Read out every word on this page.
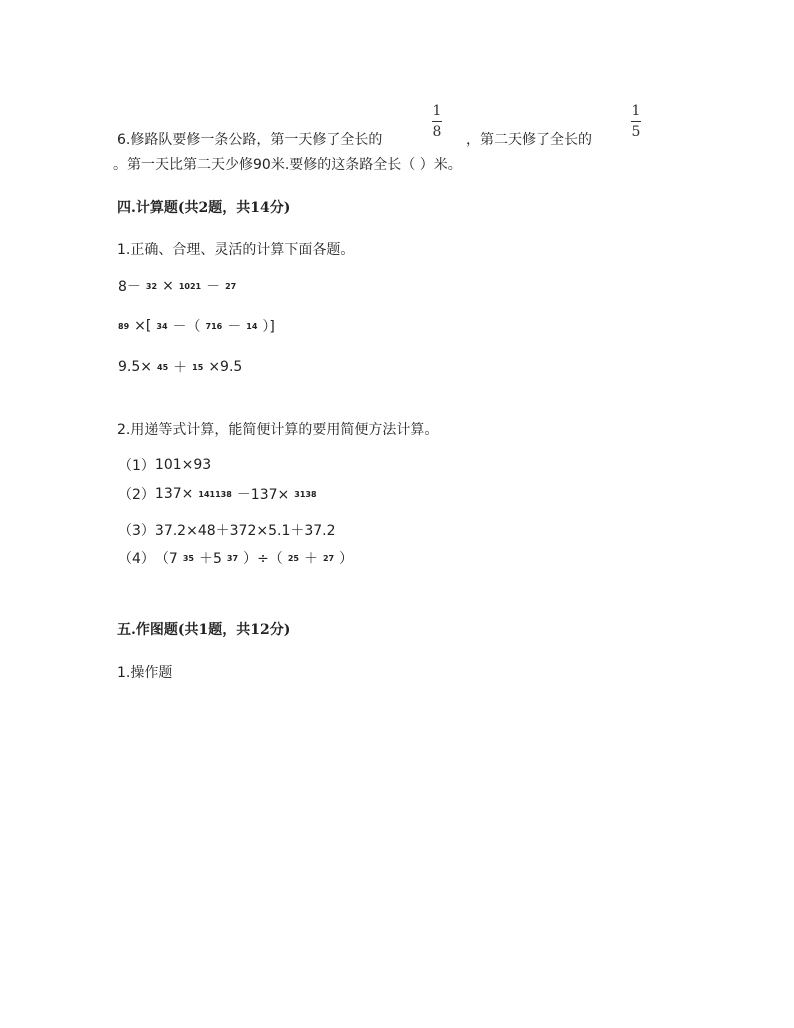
6.修路队要修一条公路，第一天修了全长的
1
8 ，第二天修了全长的
1
5
。第一天比第二天少修90米.要修的这条路全长（ ）米。
四.计算题(共2题，共14分)
1.正确、合理、灵活的计算下面各题。
8－ 32 × 1021 － 27
89 ×[ 34 －（ 716 － 14 ）]
9.5× 45 ＋ 15 ×9.5
2.用递等式计算，能简便计算的要用简便方法计算。
（1） 101×93
（2） 137× 141138 －137× 3138
（3） 37.2×48＋372×5.1＋37.2
（4） （7 35 ＋5 37 ）÷（ 25 ＋ 27 ）
五.作图题(共1题，共12分)
1.操作题
